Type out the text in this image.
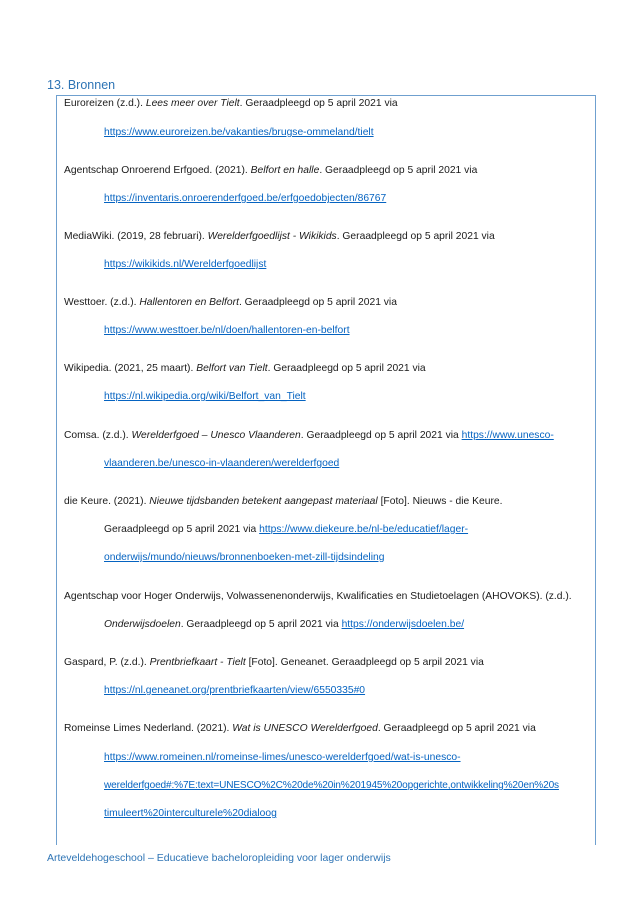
13. Bronnen
Euroreizen (z.d.). Lees meer over Tielt. Geraadpleegd op 5 april 2021 via
https://www.euroreizen.be/vakanties/brugse-ommeland/tielt
Agentschap Onroerend Erfgoed. (2021). Belfort en halle. Geraadpleegd op 5 april 2021 via
https://inventaris.onroerenderfgoed.be/erfgoedobjecten/86767
MediaWiki. (2019, 28 februari). Werelderfgoedlijst - Wikikids. Geraadpleegd op 5 april 2021 via
https://wikikids.nl/Werelderfgoedlijst
Westtoer. (z.d.). Hallentoren en Belfort. Geraadpleegd op 5 april 2021 via
https://www.westtoer.be/nl/doen/hallentoren-en-belfort
Wikipedia. (2021, 25 maart). Belfort van Tielt. Geraadpleegd op 5 april 2021 via
https://nl.wikipedia.org/wiki/Belfort_van_Tielt
Comsa. (z.d.). Werelderfgoed – Unesco Vlaanderen. Geraadpleegd op 5 april 2021 via https://www.unesco-
vlaanderen.be/unesco-in-vlaanderen/werelderfgoed
die Keure. (2021). Nieuwe tijdsbanden betekent aangepast materiaal [Foto]. Nieuws - die Keure.
Geraadpleegd op 5 april 2021 via https://www.diekeure.be/nl-be/educatief/lager-
onderwijs/mundo/nieuws/bronnenboeken-met-zill-tijdsindeling
Agentschap voor Hoger Onderwijs, Volwassenenonderwijs, Kwalificaties en Studietoelagen (AHOVOKS). (z.d.).
Onderwijsdoelen. Geraadpleegd op 5 april 2021 via https://onderwijsdoelen.be/
Gaspard, P. (z.d.). Prentbriefkaart - Tielt [Foto]. Geneanet. Geraadpleegd op 5 arpil 2021 via
https://nl.geneanet.org/prentbriefkaarten/view/6550335#0
Romeinse Limes Nederland. (2021). Wat is UNESCO Werelderfgoed. Geraadpleegd op 5 april 2021 via
https://www.romeinen.nl/romeinse-limes/unesco-werelderfgoed/wat-is-unesco-
werelderfgoed#:%7E:text=UNESCO%2C%20de%20in%201945%20opgerichte,ontwikkeling%20en%20s
timuleert%20interculturele%20dialoog
Arteveldehogeschool – Educatieve bacheloropleiding voor lager onderwijs
